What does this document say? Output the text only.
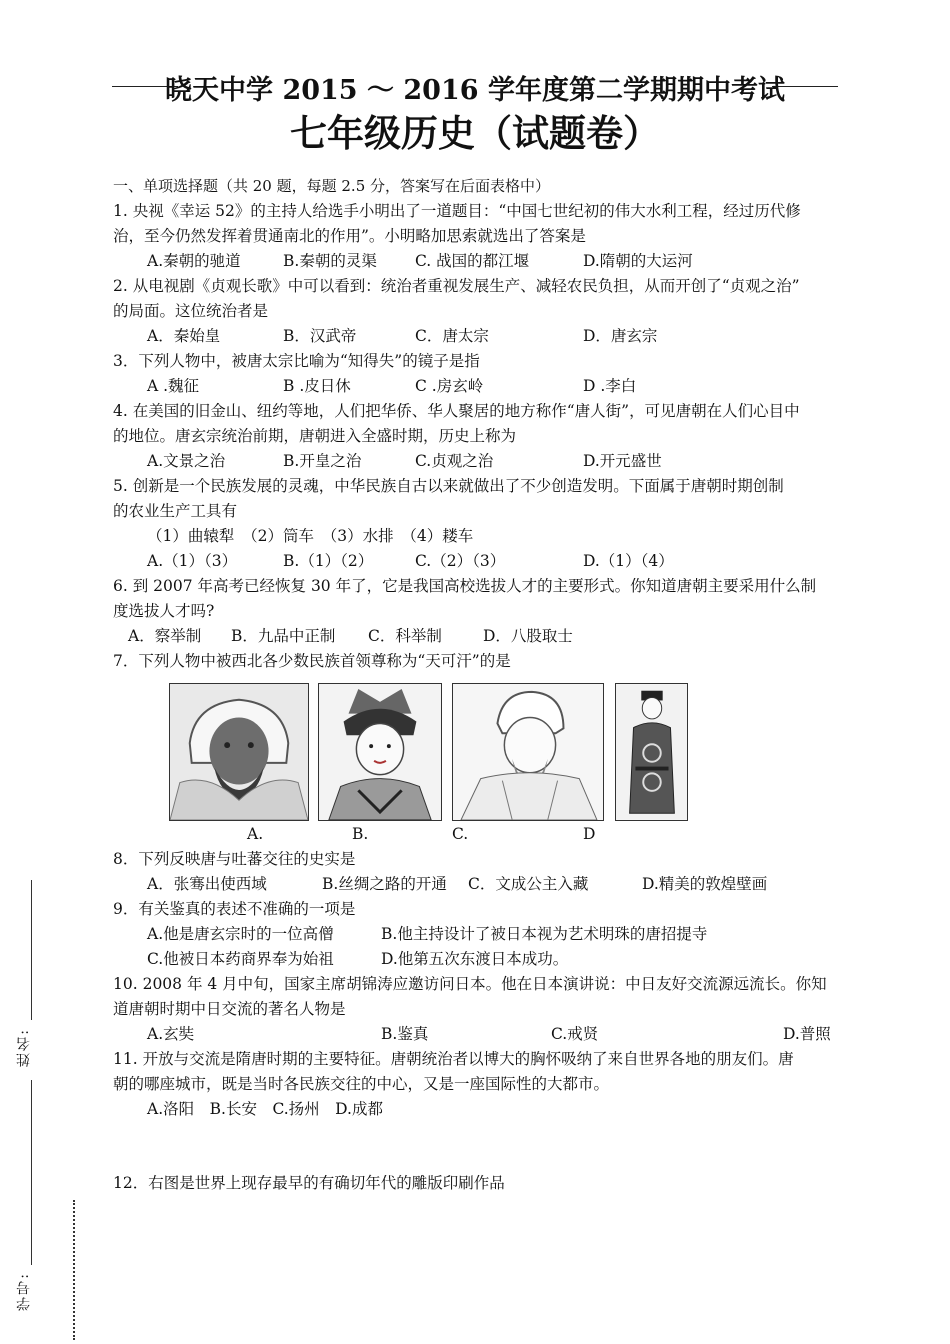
晓天中学 2015 ～ 2016 学年度第二学期期中考试
七年级历史（试题卷）
一、单项选择题（共 20 题，每题 2.5 分，答案写在后面表格中）
1. 央视《幸运 52》的主持人给选手小明出了一道题目：“中国七世纪初的伟大水利工程，经过历代修
治，至今仍然发挥着贯通南北的作用”。小明略加思索就选出了答案是
A.秦朝的驰道	B.秦朝的灵渠 C. 战国的都江堰	D.隋朝的大运河
2. 从电视剧《贞观长歌》中可以看到：统治者重视发展生产、减轻农民负担，从而开创了“贞观之治”
的局面。这位统治者是
A．秦始皇	B．汉武帝	C．唐太宗	D．唐玄宗
3．下列人物中，被唐太宗比喻为“知得失”的镜子是指
A .魏征	B .皮日休	C .房玄岭	D .李白
4. 在美国的旧金山、纽约等地，人们把华侨、华人聚居的地方称作“唐人街”，可见唐朝在人们心目中
的地位。唐玄宗统治前期，唐朝进入全盛时期，历史上称为
A.文景之治	B.开皇之治	C.贞观之治	D.开元盛世
5. 创新是一个民族发展的灵魂，中华民族自古以来就做出了不少创造发明。下面属于唐朝时期创制
的农业生产工具有
（1）曲辕犁　（2）筒车　（3）水排　（4）耧车
A.（1）（3）	B.（1）（2）	C.（2）（3）	D.（1）（4）
6. 到 2007 年高考已经恢复 30 年了，它是我国高校选拔人才的主要形式。你知道唐朝主要采用什么制
度选拔人才吗?
A．察举制 B．九品中正制 C．科举制	D．八股取士
7．下列人物中被西北各少数民族首领尊称为“天可汗”的是
A.	B.	C.	D
8．下列反映唐与吐蕃交往的史实是
A．张骞出使西域	B.丝绸之路的开通 C．文成公主入藏	D.精美的敦煌壁画
9．有关鉴真的表述不准确的一项是
A.他是唐玄宗时的一位高僧	B.他主持设计了被日本视为艺术明珠的唐招提寺
C.他被日本药商界奉为始祖	D.他第五次东渡日本成功。
10. 2008 年 4 月中旬，国家主席胡锦涛应邀访问日本。他在日本演讲说：中日友好交流源远流长。你知
道唐朝时期中日交流的著名人物是
A.玄奘	B.鉴真	C.戒贤	D.普照
11. 开放与交流是隋唐时期的主要特征。唐朝统治者以博大的胸怀吸纳了来自世界各地的朋友们。唐
朝的哪座城市，既是当时各民族交往的中心，又是一座国际性的大都市。
A.洛阳　B.长安　C.扬州　D.成都
12．右图是世界上现存最早的有确切年代的雕版印刷作品
姓名:
学号:
